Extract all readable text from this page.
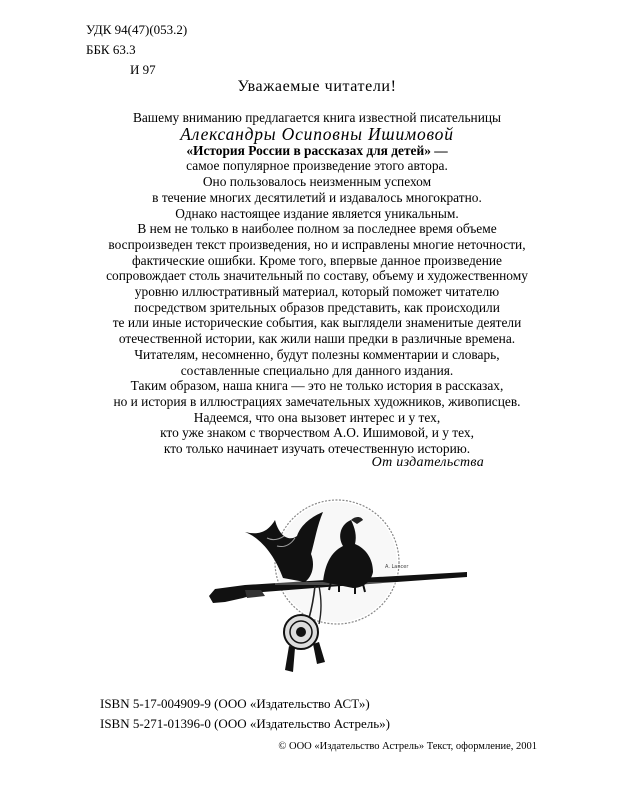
УДК 94(47)(053.2)
ББК 63.3
И 97
Уважаемые читатели!
Вашему вниманию предлагается книга известной писательницы
Александры Осиповны Ишимовой
«История России в рассказах для детей» —
самое популярное произведение этого автора.
Оно пользовалось неизменным успехом
в течение многих десятилетий и издавалось многократно.
Однако настоящее издание является уникальным.
В нем не только в наиболее полном за последнее время объеме
воспроизведен текст произведения, но и исправлены многие неточности,
фактические ошибки. Кроме того, впервые данное произведение
сопровождает столь значительный по составу, объему и художественному
уровню иллюстративный материал, который поможет читателю
посредством зрительных образов представить, как происходили
те или иные исторические события, как выглядели знаменитые деятели
отечественной истории, как жили наши предки в различные времена.
Читателям, несомненно, будут полезны комментарии и словарь,
составленные специально для данного издания.
Таким образом, наша книга — это не только история в рассказах,
но и история в иллюстрациях замечательных художников, живописцев.
Надеемся, что она вызовет интерес и у тех,
кто уже знаком с творчеством А.О. Ишимовой, и у тех,
кто только начинает изучать отечественную историю.
От издательства
A. Lancer
ISBN 5-17-004909-9 (ООО «Издательство АСТ»)
ISBN 5-271-01396-0 (ООО «Издательство Астрель»)
© ООО «Издательство Астрель» Текст, оформление, 2001
